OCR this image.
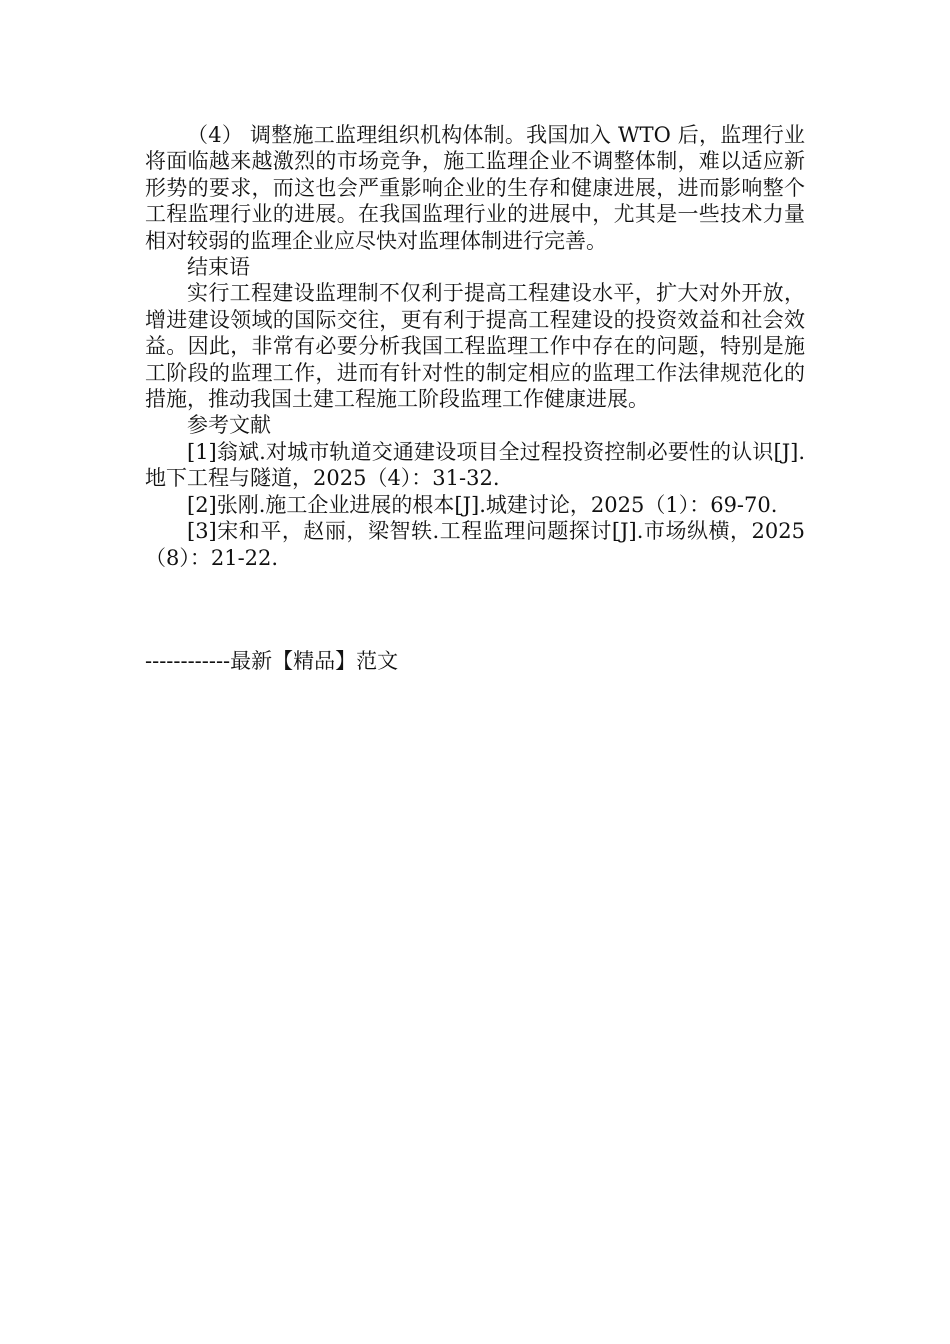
（4） 调整施工监理组织机构体制。我国加入 WTO 后，监理行业将面临越来越激烈的市场竞争，施工监理企业不调整体制，难以适应新形势的要求，而这也会严重影响企业的生存和健康进展，进而影响整个工程监理行业的进展。在我国监理行业的进展中，尤其是一些技术力量相对较弱的监理企业应尽快对监理体制进行完善。

结束语

实行工程建设监理制不仅利于提高工程建设水平，扩大对外开放，增进建设领域的国际交往，更有利于提高工程建设的投资效益和社会效益。因此，非常有必要分析我国工程监理工作中存在的问题，特别是施工阶段的监理工作，进而有针对性的制定相应的监理工作法律规范化的措施，推动我国土建工程施工阶段监理工作健康进展。

参考文献

[1]翁斌.对城市轨道交通建设项目全过程投资控制必要性的认识[J].地下工程与隧道，2025（4）：31-32.

[2]张刚.施工企业进展的根本[J].城建讨论，2025（1）：69-70.

[3]宋和平，赵丽，梁智轶.工程监理问题探讨[J].市场纵横，2025（8）：21-22.

------------最新【精品】范文
